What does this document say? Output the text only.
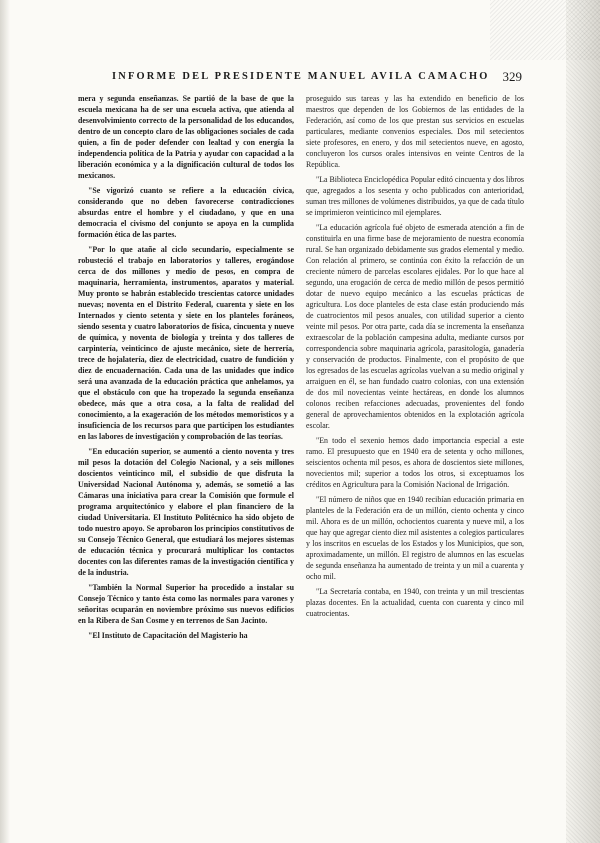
INFORME DEL PRESIDENTE MANUEL AVILA CAMACHO 329

mera y segunda enseñanzas. Se partió de la base de que la escuela mexicana ha de ser una escuela activa, que atienda al desenvolvimiento correcto de la personalidad de los educandos, dentro de un concepto claro de las obligaciones sociales de cada quien, a fin de poder defender con lealtad y con energía la independencia política de la Patria y ayudar con capacidad a la liberación económica y a la dignificación cultural de todos los mexicanos.

"Se vigorizó cuanto se refiere a la educación cívica, considerando que no deben favorecerse contradicciones absurdas entre el hombre y el ciudadano, y que en una democracia el civismo del conjunto se apoya en la cumplida formación ética de las partes.

"Por lo que atañe al ciclo secundario, especialmente se robusteció el trabajo en laboratorios y talleres, erogándose cerca de dos millones y medio de pesos, en compra de maquinaria, herramienta, instrumentos, aparatos y material. Muy pronto se habrán establecido trescientas catorce unidades nuevas; noventa en el Distrito Federal, cuarenta y siete en los Internados y ciento setenta y siete en los planteles foráneos, siendo sesenta y cuatro laboratorios de física, cincuenta y nueve de química, y noventa de biología y treinta y dos talleres de carpintería, veinticinco de ajuste mecánico, siete de herrería, trece de hojalatería, diez de electricidad, cuatro de fundición y diez de encuadernación. Cada una de las unidades que indico será una avanzada de la educación práctica que anhelamos, ya que el obstáculo con que ha tropezado la segunda enseñanza obedece, más que a otra cosa, a la falta de realidad del conocimiento, a la exageración de los métodos memoristicos y a insuficiencia de los recursos para que participen los estudiantes en las labores de investigación y comprobación de las teorías.

"En educación superior, se aumentó a ciento noventa y tres mil pesos la dotación del Colegio Nacional, y a seis millones doscientos veinticinco mil, el subsidio de que disfruta la Universidad Nacional Autónoma y, además, se sometió a las Cámaras una iniciativa para crear la Comisión que formule el programa arquitectónico y elabore el plan financiero de la ciudad Universitaria. El Instituto Politécnico ha sido objeto de todo nuestro apoyo. Se aprobaron los principios constitutivos de su Consejo Técnico General, que estudiará los mejores sistemas de educación técnica y procurará multiplicar los contactos docentes con las diferentes ramas de la investigación científica y de la industria.

"También la Normal Superior ha procedido a instalar su Consejo Técnico y tanto ésta como las normales para varones y señoritas ocuparán en noviembre próximo sus nuevos edificios en la Ribera de San Cosme y en terrenos de San Jacinto.

"El Instituto de Capacitación del Magisterio ha

proseguido sus tareas y las ha extendido en beneficio de los maestros que dependen de los Gobiernos de las entidades de la Federación, así como de los que prestan sus servicios en escuelas particulares, mediante convenios especiales. Dos mil setecientos siete profesores, en enero, y dos mil setecientos nueve, en agosto, concluyeron los cursos orales intensivos en veinte Centros de la República.

"La Biblioteca Enciclopédica Popular editó cincuenta y dos libros que, agregados a los sesenta y ocho publicados con anterioridad, suman tres millones de volúmenes distribuidos, ya que de cada título se imprimieron veinticinco mil ejemplares.

"La educación agrícola fué objeto de esmerada atención a fin de constituirla en una firme base de mejoramiento de nuestra economía rural. Se han organizado debidamente sus grados elemental y medio. Con relación al primero, se continúa con éxito la refacción de un creciente número de parcelas escolares ejidales. Por lo que hace al segundo, una erogación de cerca de medio millón de pesos permitió dotar de nuevo equipo mecánico a las escuelas prácticas de agricultura. Los doce planteles de esta clase están produciendo más de cuatrocientos mil pesos anuales, con utilidad superior a ciento veinte mil pesos. Por otra parte, cada día se incrementa la enseñanza extraescolar de la población campesina adulta, mediante cursos por correspondencia sobre maquinaria agrícola, parasitología, ganadería y conservación de productos. Finalmente, con el propósito de que los egresados de las escuelas agrícolas vuelvan a su medio original y arraiguen en él, se han fundado cuatro colonias, con una extensión de dos mil novecientas veinte hectáreas, en donde los alumnos colonos reciben refacciones adecuadas, provenientes del fondo general de aprovechamientos obtenidos en la explotación agrícola escolar.

"En todo el sexenio hemos dado importancia especial a este ramo. El presupuesto que en 1940 era de setenta y ocho millones, seiscientos ochenta mil pesos, es ahora de doscientos siete millones, novecientos mil; superior a todos los otros, si exceptuamos los créditos en Agricultura para la Comisión Nacional de Irrigación.

"El número de niños que en 1940 recibían educación primaria en planteles de la Federación era de un millón, ciento ochenta y cinco mil. Ahora es de un millón, ochocientos cuarenta y nueve mil, a los que hay que agregar ciento diez mil asistentes a colegios particulares y los inscritos en escuelas de los Estados y los Municipios, que son, aproximadamente, un millón. El registro de alumnos en las escuelas de segunda enseñanza ha aumentado de treinta y un mil a cuarenta y ocho mil.

"La Secretaría contaba, en 1940, con treinta y un mil trescientas plazas docentes. En la actualidad, cuenta con cuarenta y cinco mil cuatrocientas.
